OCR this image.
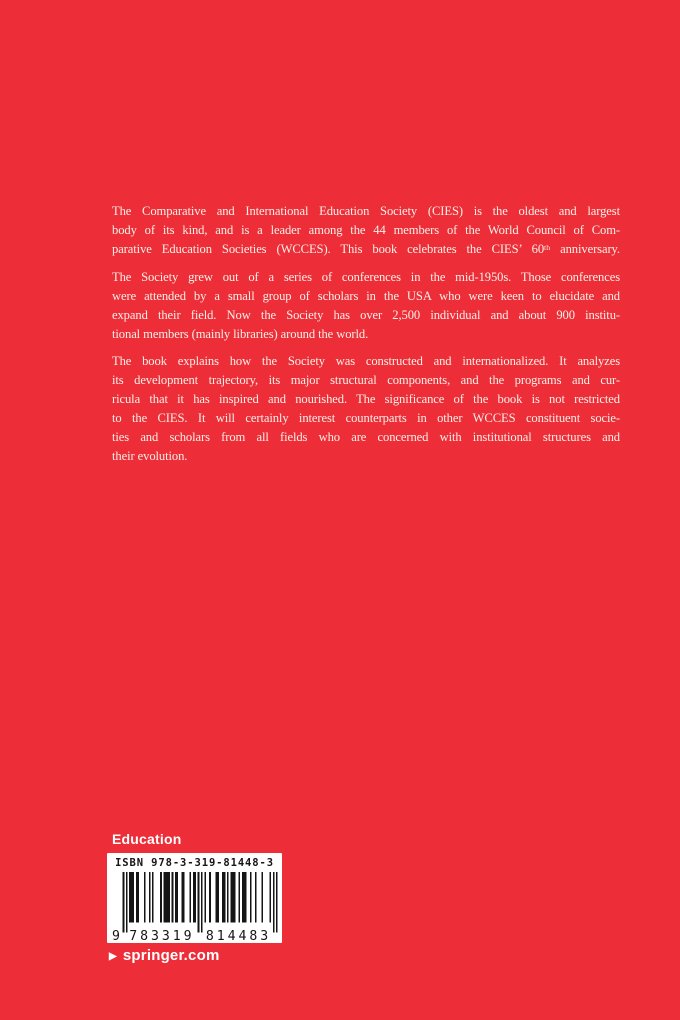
The Comparative and International Education Society (CIES) is the oldest and largest
body of its kind, and is a leader among the 44 members of the World Council of Com-
parative Education Societies (WCCES). This book celebrates the CIES’ 60th anniversary.

The Society grew out of a series of conferences in the mid-1950s. Those conferences
were attended by a small group of scholars in the USA who were keen to elucidate and
expand their field. Now the Society has over 2,500 individual and about 900 institu-
tional members (mainly libraries) around the world.

The book explains how the Society was constructed and internationalized. It analyzes
its development trajectory, its major structural components, and the programs and cur-
ricula that it has inspired and nourished. The significance of the book is not restricted
to the CIES. It will certainly interest counterparts in other WCCES constituent socie-
ties and scholars from all fields who are concerned with institutional structures and
their evolution.

Education
ISBN 978-3-319-81448-3
9 783319 814483
▶ springer.com
